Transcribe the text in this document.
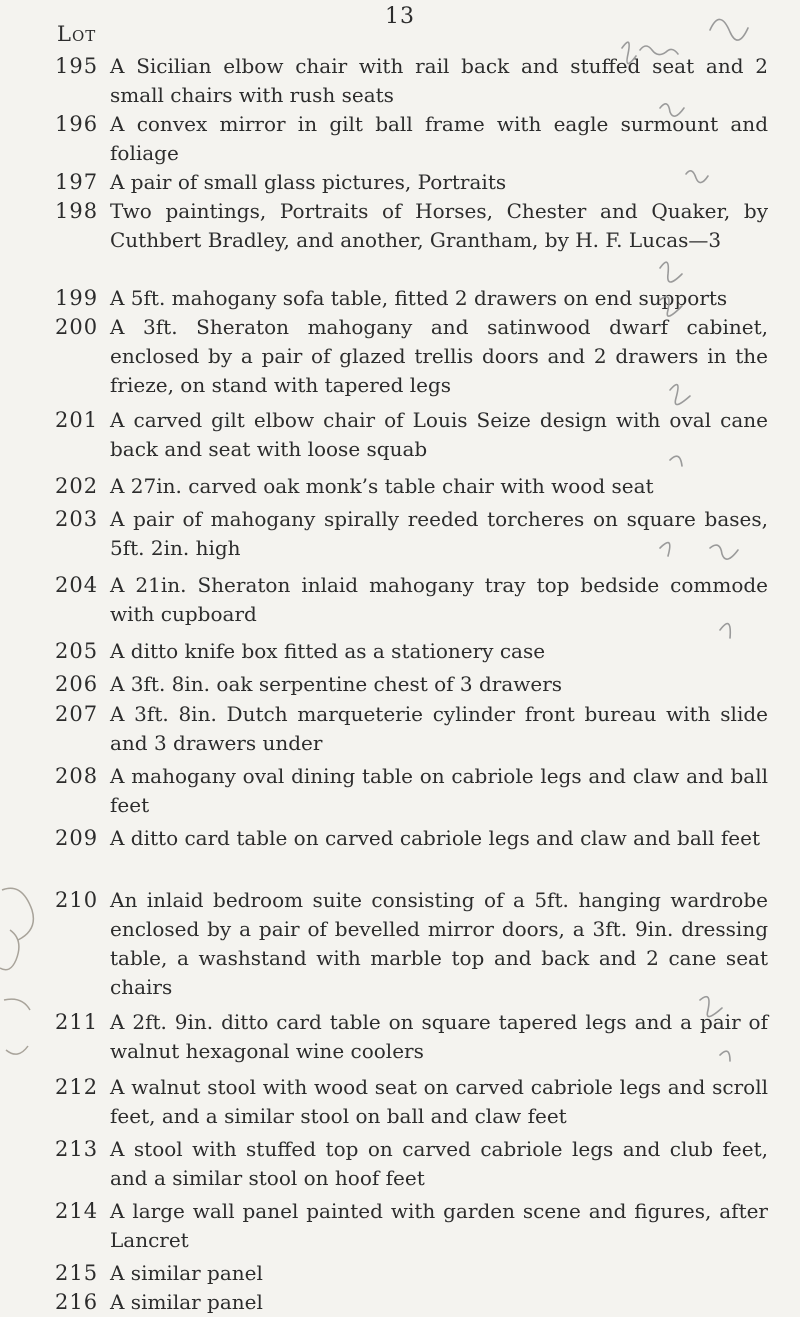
13
Lot
195 A Sicilian elbow chair with rail back and stuffed seat and 2 small chairs with rush seats
196 A convex mirror in gilt ball frame with eagle surmount and foliage
197 A pair of small glass pictures, Portraits
198 Two paintings, Portraits of Horses, Chester and Quaker, by Cuthbert Bradley, and another, Grantham, by H. F. Lucas—3
199 A 5ft. mahogany sofa table, fitted 2 drawers on end supports
200 A 3ft. Sheraton mahogany and satinwood dwarf cabinet, enclosed by a pair of glazed trellis doors and 2 drawers in the frieze, on stand with tapered legs
201 A carved gilt elbow chair of Louis Seize design with oval cane back and seat with loose squab
202 A 27in. carved oak monk’s table chair with wood seat
203 A pair of mahogany spirally reeded torcheres on square bases, 5ft. 2in. high
204 A 21in. Sheraton inlaid mahogany tray top bedside commode with cupboard
205 A ditto knife box fitted as a stationery case
206 A 3ft. 8in. oak serpentine chest of 3 drawers
207 A 3ft. 8in. Dutch marqueterie cylinder front bureau with slide and 3 drawers under
208 A mahogany oval dining table on cabriole legs and claw and ball feet
209 A ditto card table on carved cabriole legs and claw and ball feet
210 An inlaid bedroom suite consisting of a 5ft. hanging wardrobe enclosed by a pair of bevelled mirror doors, a 3ft. 9in. dressing table, a washstand with marble top and back and 2 cane seat chairs
211 A 2ft. 9in. ditto card table on square tapered legs and a pair of walnut hexagonal wine coolers
212 A walnut stool with wood seat on carved cabriole legs and scroll feet, and a similar stool on ball and claw feet
213 A stool with stuffed top on carved cabriole legs and club feet, and a similar stool on hoof feet
214 A large wall panel painted with garden scene and figures, after Lancret
215 A similar panel
216 A similar panel
